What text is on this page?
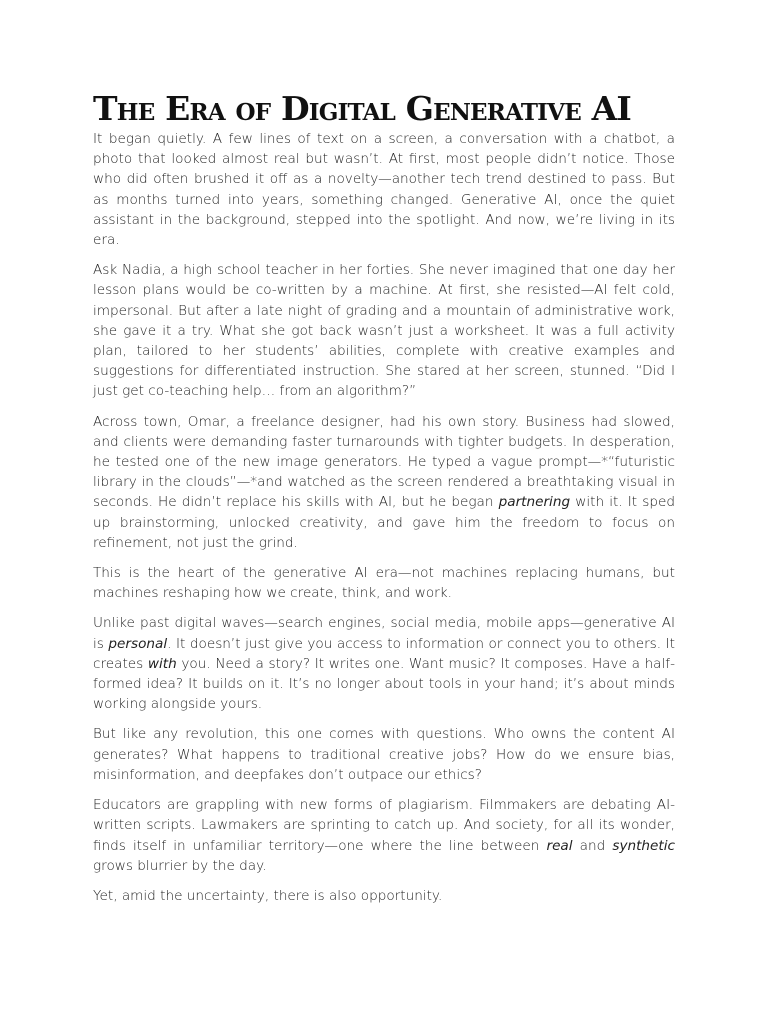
The Era of Digital Generative AI

It began quietly. A few lines of text on a screen, a conversation with a chatbot, a photo that looked almost real but wasn’t. At first, most people didn’t notice. Those who did often brushed it off as a novelty—another tech trend destined to pass. But as months turned into years, something changed. Generative AI, once the quiet assistant in the background, stepped into the spotlight. And now, we’re living in its era.

Ask Nadia, a high school teacher in her forties. She never imagined that one day her lesson plans would be co-written by a machine. At first, she resisted—AI felt cold, impersonal. But after a late night of grading and a mountain of administrative work, she gave it a try. What she got back wasn’t just a worksheet. It was a full activity plan, tailored to her students’ abilities, complete with creative examples and suggestions for differentiated instruction. She stared at her screen, stunned. “Did I just get co-teaching help… from an algorithm?”

Across town, Omar, a freelance designer, had his own story. Business had slowed, and clients were demanding faster turnarounds with tighter budgets. In desperation, he tested one of the new image generators. He typed a vague prompt—*“futuristic library in the clouds”—*and watched as the screen rendered a breathtaking visual in seconds. He didn’t replace his skills with AI, but he began partnering with it. It sped up brainstorming, unlocked creativity, and gave him the freedom to focus on refinement, not just the grind.

This is the heart of the generative AI era—not machines replacing humans, but machines reshaping how we create, think, and work.

Unlike past digital waves—search engines, social media, mobile apps—generative AI is personal. It doesn’t just give you access to information or connect you to others. It creates with you. Need a story? It writes one. Want music? It composes. Have a half-formed idea? It builds on it. It’s no longer about tools in your hand; it’s about minds working alongside yours.

But like any revolution, this one comes with questions. Who owns the content AI generates? What happens to traditional creative jobs? How do we ensure bias, misinformation, and deepfakes don’t outpace our ethics?

Educators are grappling with new forms of plagiarism. Filmmakers are debating AI-written scripts. Lawmakers are sprinting to catch up. And society, for all its wonder, finds itself in unfamiliar territory—one where the line between real and synthetic grows blurrier by the day.

Yet, amid the uncertainty, there is also opportunity.
